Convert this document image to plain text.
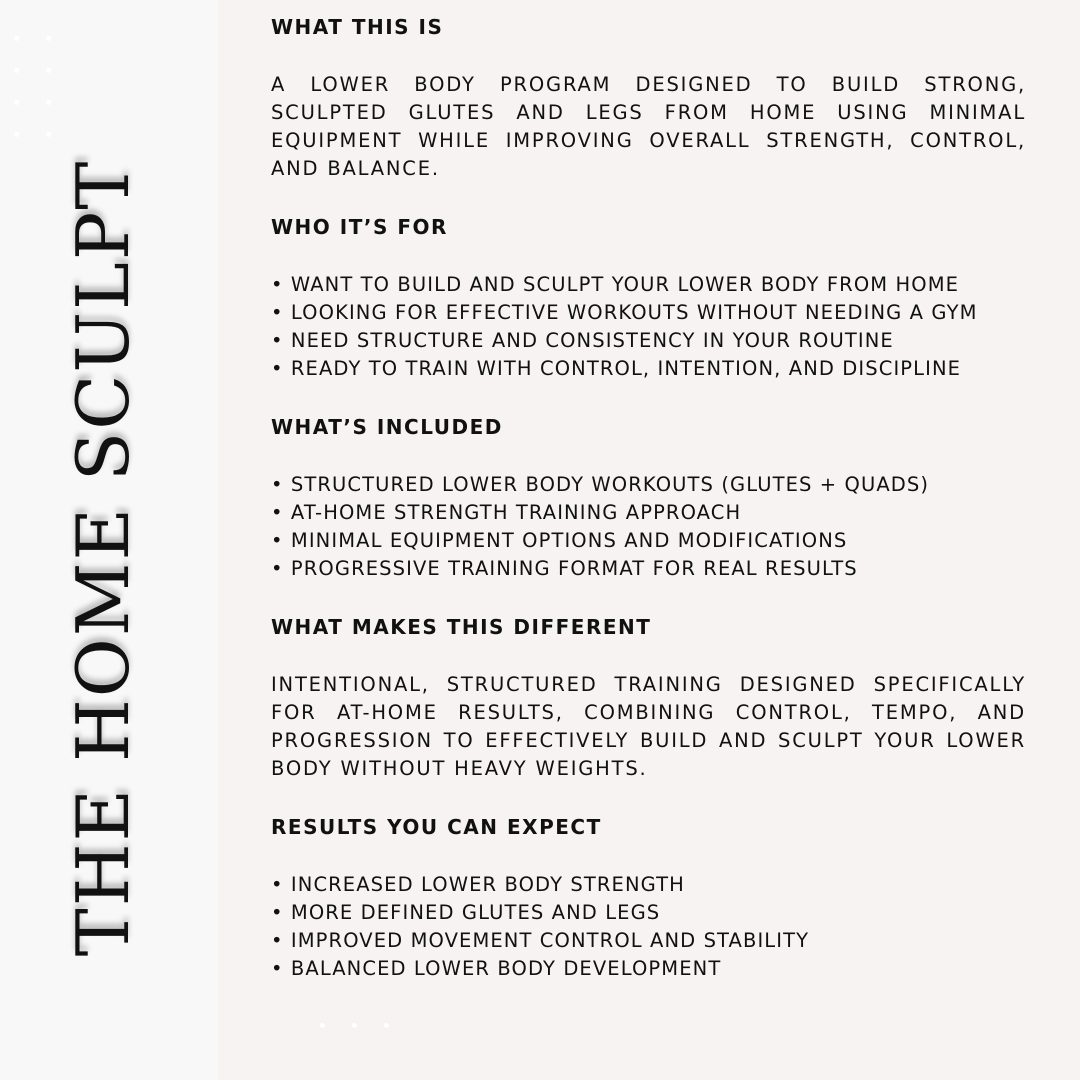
THE HOME SCULPT
WHAT THIS IS
A LOWER BODY PROGRAM DESIGNED TO BUILD STRONG, SCULPTED GLUTES AND LEGS FROM HOME USING MINIMAL EQUIPMENT WHILE IMPROVING OVERALL STRENGTH, CONTROL, AND BALANCE.
WHO IT’S FOR
• WANT TO BUILD AND SCULPT YOUR LOWER BODY FROM HOME
• LOOKING FOR EFFECTIVE WORKOUTS WITHOUT NEEDING A GYM
• NEED STRUCTURE AND CONSISTENCY IN YOUR ROUTINE
• READY TO TRAIN WITH CONTROL, INTENTION, AND DISCIPLINE
WHAT’S INCLUDED
• STRUCTURED LOWER BODY WORKOUTS (GLUTES + QUADS)
• AT-HOME STRENGTH TRAINING APPROACH
• MINIMAL EQUIPMENT OPTIONS AND MODIFICATIONS
• PROGRESSIVE TRAINING FORMAT FOR REAL RESULTS
WHAT MAKES THIS DIFFERENT
INTENTIONAL, STRUCTURED TRAINING DESIGNED SPECIFICALLY FOR AT-HOME RESULTS, COMBINING CONTROL, TEMPO, AND PROGRESSION TO EFFECTIVELY BUILD AND SCULPT YOUR LOWER BODY WITHOUT HEAVY WEIGHTS.
RESULTS YOU CAN EXPECT
• INCREASED LOWER BODY STRENGTH
• MORE DEFINED GLUTES AND LEGS
• IMPROVED MOVEMENT CONTROL AND STABILITY
• BALANCED LOWER BODY DEVELOPMENT
